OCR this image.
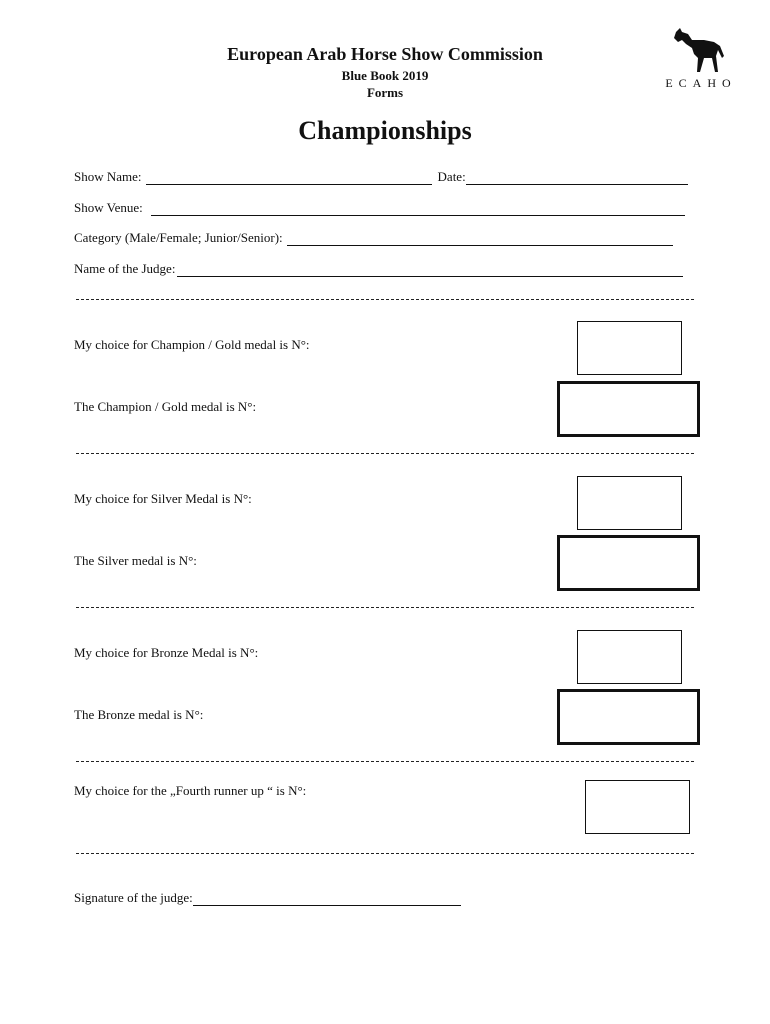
European Arab Horse Show Commission
Blue Book 2019
Forms
ECAHO
Championships
Show Name:	Date:
Show Venue:
Category (Male/Female; Junior/Senior):
Name of the Judge:
My choice for Champion / Gold medal is N°:
The Champion / Gold medal is N°:
My choice for Silver Medal is N°:
The Silver medal is N°:
My choice for Bronze Medal is N°:
The Bronze medal is N°:
My choice for the „Fourth runner up “ is N°:
Signature of the judge:
